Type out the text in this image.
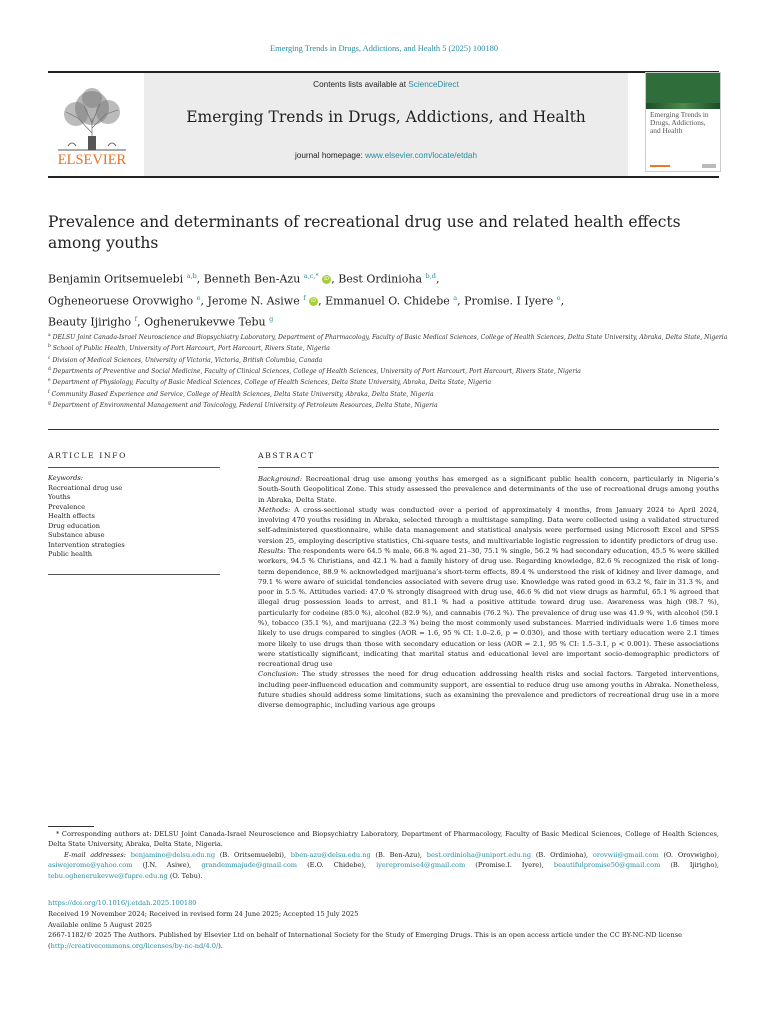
Emerging Trends in Drugs, Addictions, and Health 5 (2025) 100180
ELSEVIER
Contents lists available at ScienceDirect
Emerging Trends in Drugs, Addictions, and Health
journal homepage: www.elsevier.com/locate/etdah
Emerging Trends in Drugs, Addictions, and Health
Prevalence and determinants of recreational drug use and related health effects among youths
Benjamin Oritsemuelebi $^{a,b}$, Benneth Ben-Azu $^{a,c,*}$ iD , Best Ordinioha $^{b,d}$,
Ogheneoruese Orovwigho $^e$, Jerome N. Asiwe $^f$ iD , Emmanuel O. Chidebe $^a$, Promise. I Iyere $^e$,
Beauty Ijirigho $^f$, Oghenerukevwe Tebu $^g$
$^a$ DELSU Joint Canada-Israel Neuroscience and Biopsychiatry Laboratory, Department of Pharmacology, Faculty of Basic Medical Sciences, College of Health Sciences, Delta State University, Abraka, Delta State, Nigeria
$^b$ School of Public Health, University of Port Harcourt, Port Harcourt, Rivers State, Nigeria
$^c$ Division of Medical Sciences, University of Victoria, Victoria, British Columbia, Canada
$^d$ Departments of Preventive and Social Medicine, Faculty of Clinical Sciences, College of Health Sciences, University of Port Harcourt, Port Harcourt, Rivers State, Nigeria
$^e$ Department of Physiology, Faculty of Basic Medical Sciences, College of Health Sciences, Delta State University, Abraka, Delta State, Nigeria
$^f$ Community Based Experience and Service, College of Health Sciences, Delta State University, Abraka, Delta State, Nigeria
$^g$ Department of Environmental Management and Toxicology, Federal University of Petroleum Resources, Delta State, Nigeria
ARTICLE INFO
Keywords:
Recreational drug use
Youths
Prevalence
Health effects
Drug education
Substance abuse
Intervention strategies
Public health
ABSTRACT

Background: Recreational drug use among youths has emerged as a significant public health concern, particularly in Nigeria’s South-South Geopolitical Zone. This study assessed the prevalence and determinants of the use of recreational drugs among youths in Abraka, Delta State.

Methods: A cross-sectional study was conducted over a period of approximately 4 months, from January 2024 to April 2024, involving 470 youths residing in Abraka, selected through a multistage sampling. Data were collected using a validated structured self-administered questionnaire, while data management and statistical analysis were performed using Microsoft Excel and SPSS version 25, employing descriptive statistics, Chi-square tests, and multivariable logistic regression to identify predictors of drug use.

Results: The respondents were 64.5 % male, 66.8 % aged 21–30, 75.1 % single, 56.2 % had secondary education, 45.5 % were skilled workers, 94.5 % Christians, and 42.1 % had a family history of drug use. Regarding knowledge, 82.6 % recognized the risk of long-term dependence, 88.9 % acknowledged marijuana’s short-term effects, 89.4 % understood the risk of kidney and liver damage, and 79.1 % were aware of suicidal tendencies associated with severe drug use. Knowledge was rated good in 63.2 %, fair in 31.3 %, and poor in 5.5 %. Attitudes varied: 47.0 % strongly disagreed with drug use, 46.6 % did not view drugs as harmful, 65.1 % agreed that illegal drug possession leads to arrest, and 81.1 % had a positive attitude toward drug use. Awareness was high (98.7 %), particularly for codeine (85.0 %), alcohol (82.9 %), and cannabis (76.2 %). The prevalence of drug use was 41.9 %, with alcohol (59.1 %), tobacco (35.1 %), and marijuana (22.3 %) being the most commonly used substances. Married individuals were 1.6 times more likely to use drugs compared to singles (AOR = 1.6, 95 % CI: 1.0–2.6, p = 0.030), and those with tertiary education were 2.1 times more likely to use drugs than those with secondary education or less (AOR = 2.1, 95 % CI: 1.5–3.1, p < 0.001). These associations were statistically significant, indicating that marital status and educational level are important socio-demographic predictors of recreational drug use

Conclusion: The study stresses the need for drug education addressing health risks and social factors. Targeted interventions, including peer-influenced education and community support, are essential to reduce drug use among youths in Abraka. Nonetheless, future studies should address some limitations, such as examining the prevalence and predictors of recreational drug use in a more diverse demographic, including various age groups

* Corresponding authors at: DELSU Joint Canada-Israel Neuroscience and Biopsychiatry Laboratory, Department of Pharmacology, Faculty of Basic Medical Sciences, College of Health Sciences, Delta State University, Abraka, Delta State, Nigeria.

E-mail addresses: benjamino@delsu.edu.ng (B. Oritsemuelebi), bben-azu@delsu.edu.ng (B. Ben-Azu), best.ordinioha@uniport.edu.ng (B. Ordinioha), orovwii@gmail.com (O. Orovwigho), asiwejerome@yahoo.com (J.N. Asiwe), grandemmajude@gmail.com (E.O. Chidebe), iyerepromise4@gmail.com (Promise.I. Iyere), beautifulpromise50@gmail.com (B. Ijirigho), tebu.oghenerukevwe@fupre.edu.ng (O. Tebu).

https://doi.org/10.1016/j.etdah.2025.100180

Received 19 November 2024; Received in revised form 24 June 2025; Accepted 15 July 2025

Available online 5 August 2025

2667-1182/© 2025 The Authors. Published by Elsevier Ltd on behalf of International Society for the Study of Emerging Drugs. This is an open access article under the CC BY-NC-ND license (http://creativecommons.org/licenses/by-nc-nd/4.0/).
